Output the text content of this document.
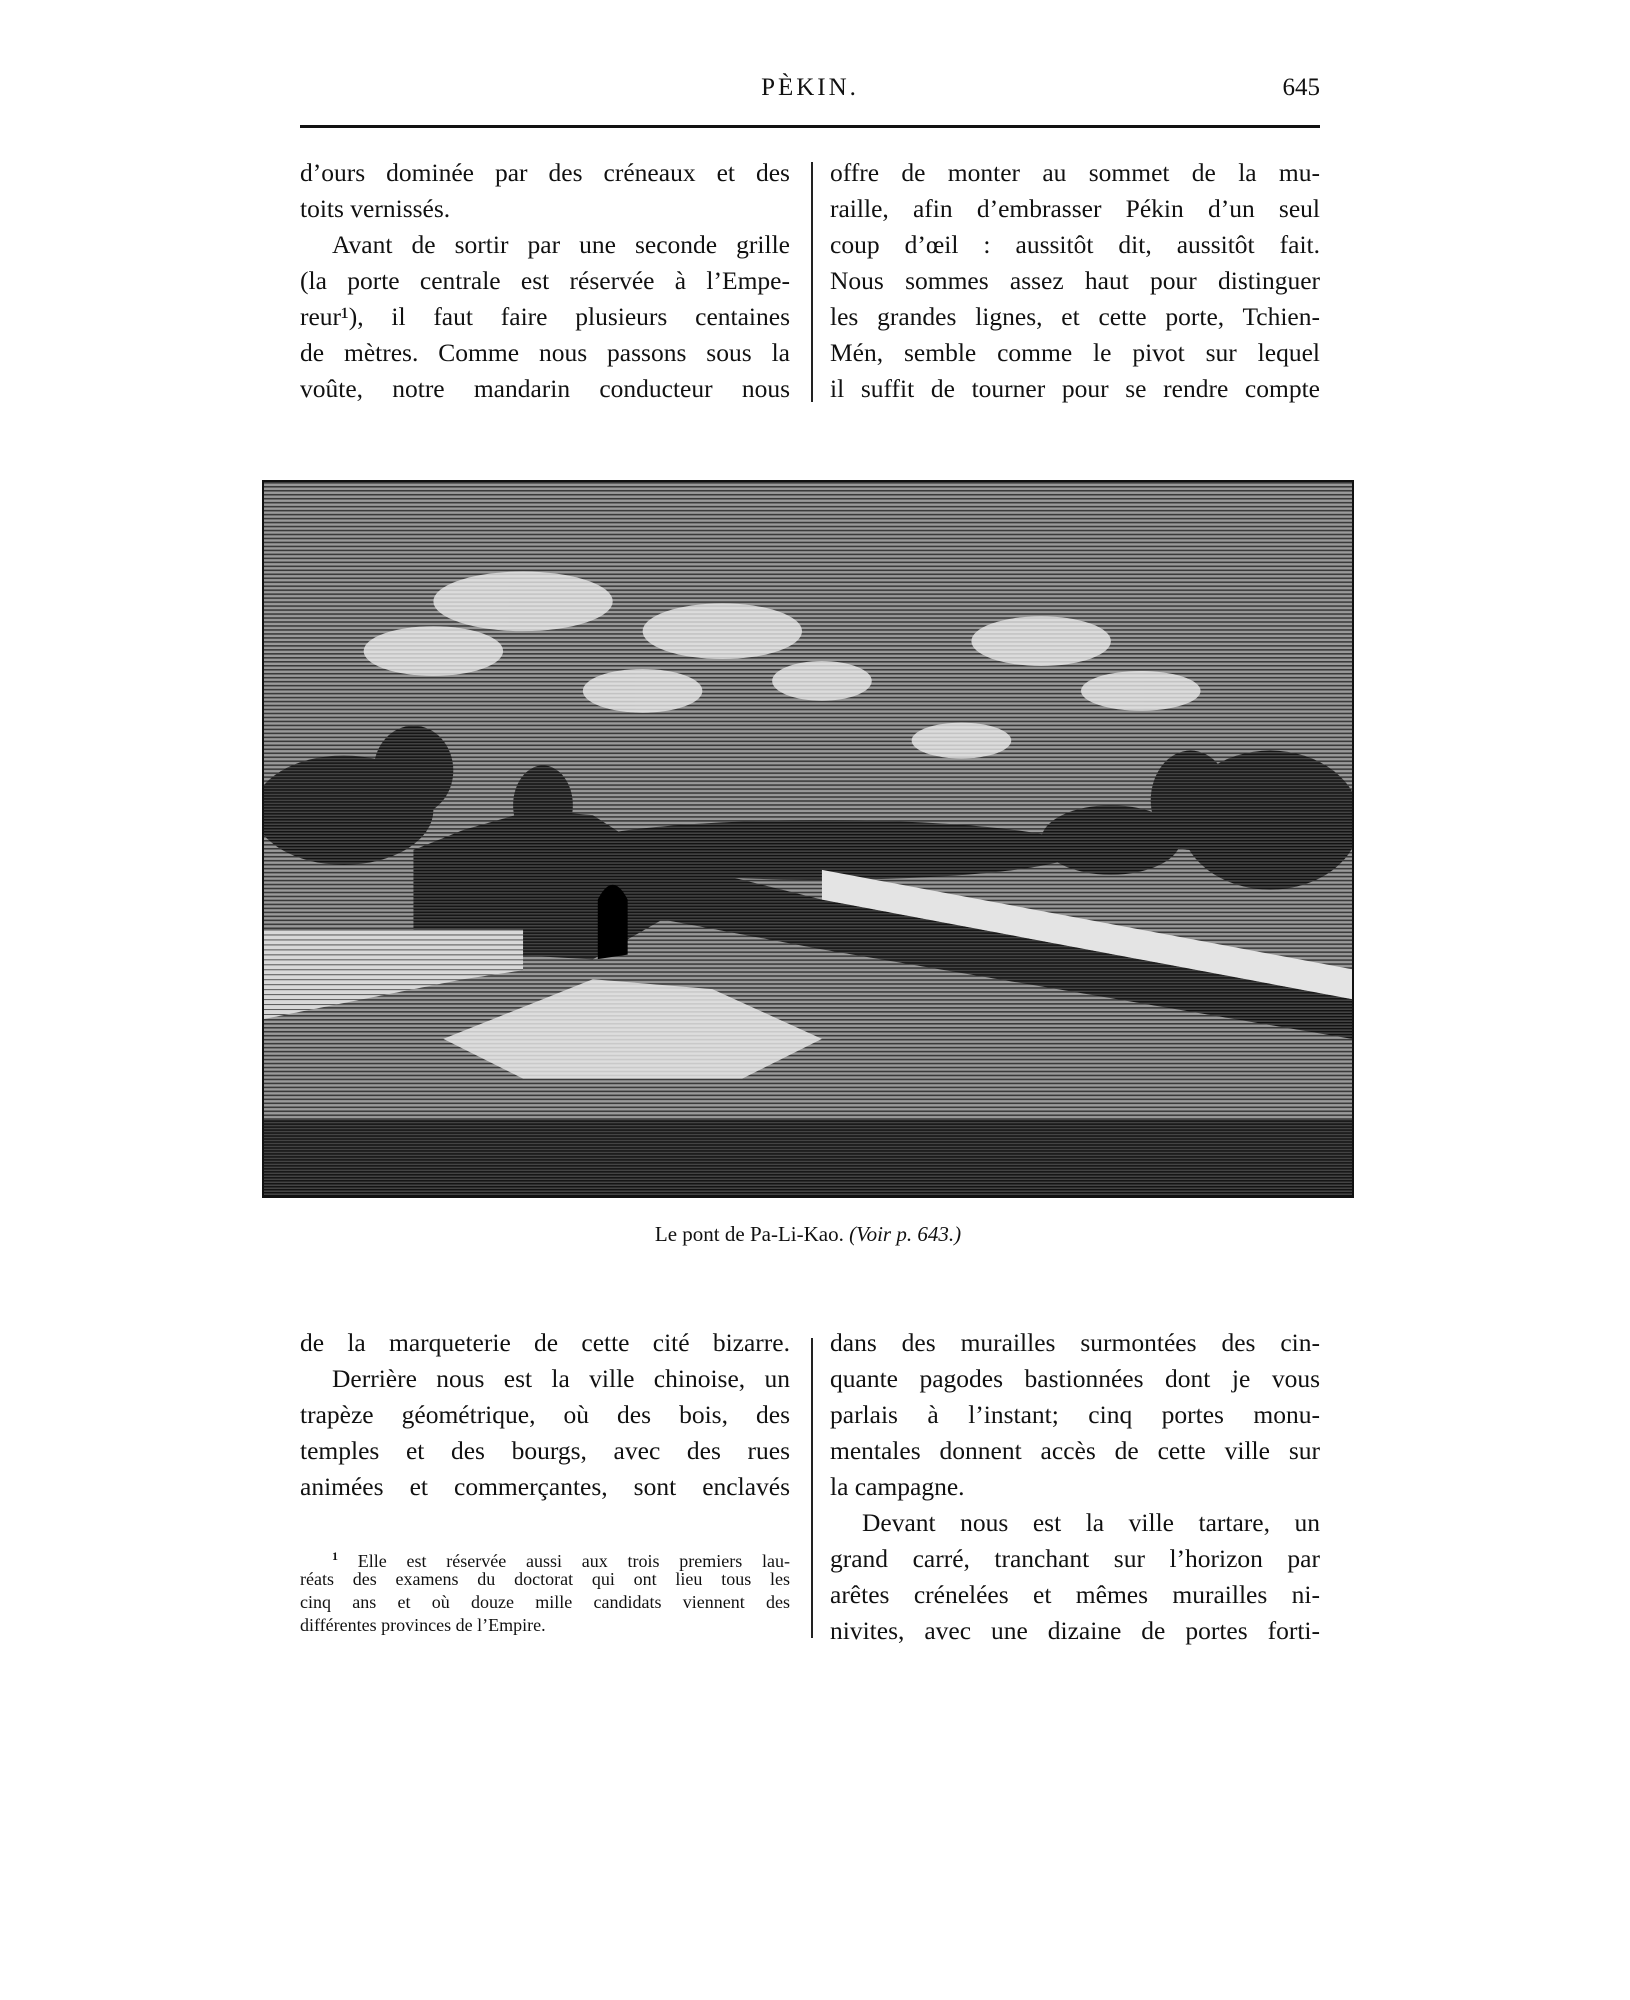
PÈKIN.	645
d’ours dominée par des créneaux et des
toits vernissés.
Avant de sortir par une seconde grille
(la porte centrale est réservée à l’Empe-
reur¹), il faut faire plusieurs centaines
de mètres. Comme nous passons sous la
voûte, notre mandarin conducteur nous
offre de monter au sommet de la mu-
raille, afin d’embrasser Pékin d’un seul
coup d’œil : aussitôt dit, aussitôt fait.
Nous sommes assez haut pour distinguer
les grandes lignes, et cette porte, Tchien-
Mén, semble comme le pivot sur lequel
il suffit de tourner pour se rendre compte
Le pont de Pa-Li-Kao. (Voir p. 643.)
de la marqueterie de cette cité bizarre.
Derrière nous est la ville chinoise, un
trapèze géométrique, où des bois, des
temples et des bourgs, avec des rues
animées et commerçantes, sont enclavés
$^1$ Elle est réservée aussi aux trois premiers lau-
réats des examens du doctorat qui ont lieu tous les
cinq ans et où douze mille candidats viennent des
différentes provinces de l’Empire.
dans des murailles surmontées des cin-
quante pagodes bastionnées dont je vous
parlais à l’instant; cinq portes monu-
mentales donnent accès de cette ville sur
la campagne.
Devant nous est la ville tartare, un
grand carré, tranchant sur l’horizon par
arêtes crénelées et mêmes murailles ni-
nivites, avec une dizaine de portes forti-
